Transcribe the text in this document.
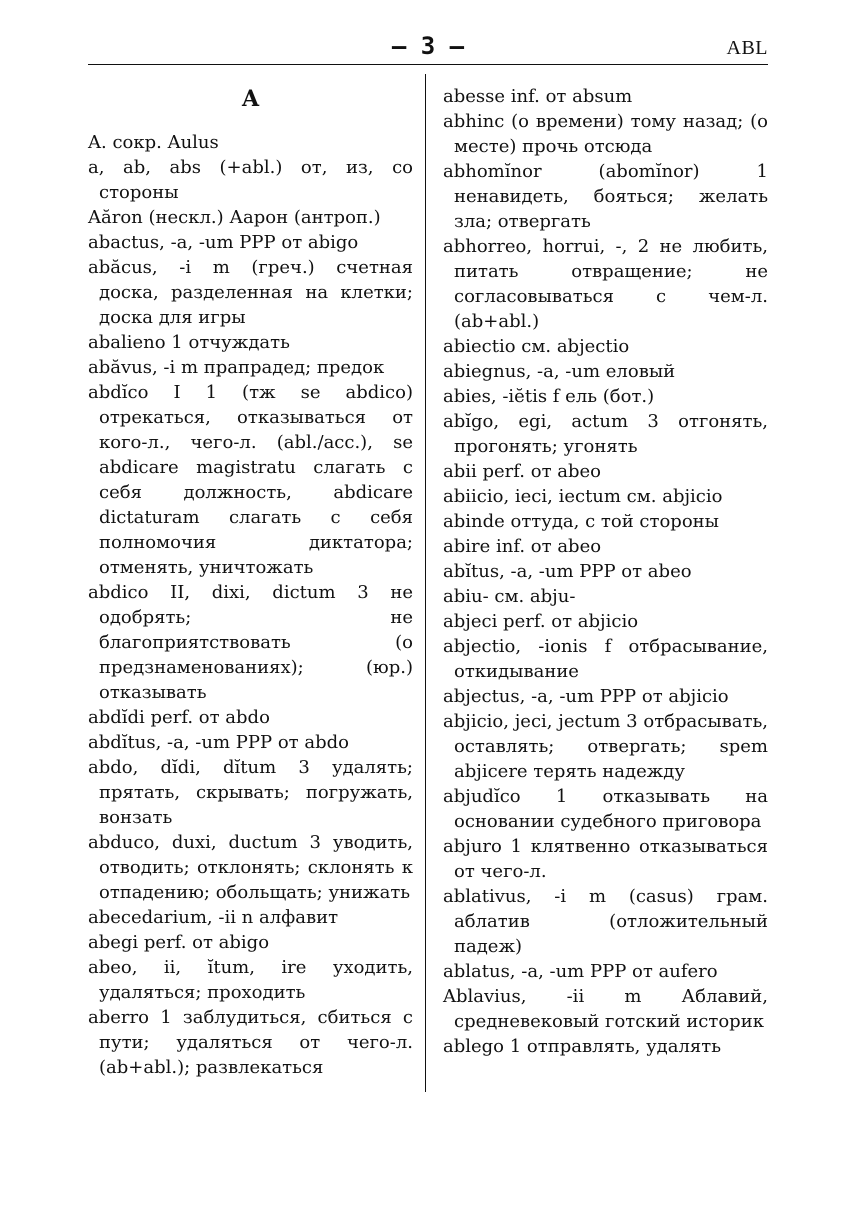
– 3 –	ABL
A

A. сокр. Aulus

a, ab, abs (+abl.) от, из, со стороны

Aăron (нескл.) Аарон (антроп.)

abactus, -a, -um PPP от abigo

abăcus, -i m (греч.) счетная доска, разделенная на клетки; доска для игры

abalieno 1 отчуждать

abăvus, -i m прапрадед; предок

abdĭco I 1 (тж se abdico) отрекаться, отказываться от кого-л., чего-л. (abl./acc.), se abdicare magistratu слагать с себя должность, abdicare dictaturam слагать с себя полномочия диктатора; отменять, уничтожать

abdico II, dixi, dictum 3 не одобрять; не благоприятствовать (о предзнаменованиях); (юр.) отказывать

abdĭdi perf. от abdo

abdĭtus, -a, -um PPP от abdo

abdo, dĭdi, dĭtum 3 удалять; прятать, скрывать; погружать, вонзать

abduco, duxi, ductum 3 уводить, отводить; отклонять; склонять к отпадению; обольщать; унижать

abecedarium, -ii n алфавит

abegi perf. от abigo

abeo, ii, ĭtum, ire уходить, удаляться; проходить

aberro 1 заблудиться, сбиться с пути; удаляться от чего-л. (ab+abl.); развлекаться

abesse inf. от absum

abhinc (о времени) тому назад; (о месте) прочь отсюда

abhomĭnor (abomĭnor) 1 ненавидеть, бояться; желать зла; отвергать

abhorreo, horrui, -, 2 не любить, питать отвращение; не согласовываться с чем-л. (ab+abl.)

abiectio см. abjectio

abiegnus, -a, -um еловый

abies, -iĕtis f ель (бот.)

abĭgo, egi, actum 3 отгонять, прогонять; угонять

abii perf. от abeo

abiicio, ieci, iectum см. abjicio

abinde оттуда, с той стороны

abire inf. от abeo

abĭtus, -a, -um PPP от abeo

abiu- см. abju-

abjeci perf. от abjicio

abjectio, -ionis f отбрасывание, откидывание

abjectus, -a, -um PPP от abjicio

abjicio, jeci, jectum 3 отбрасывать, оставлять; отвергать; spem abjicere терять надежду

abjudĭco 1 отказывать на основании судебного приговора

abjuro 1 клятвенно отказываться от чего-л.

ablativus, -i m (casus) грам. аблатив (отложительный падеж)

ablatus, -a, -um PPP от aufero

Ablavius, -ii m Аблавий, средневековый готский историк

ablego 1 отправлять, удалять
